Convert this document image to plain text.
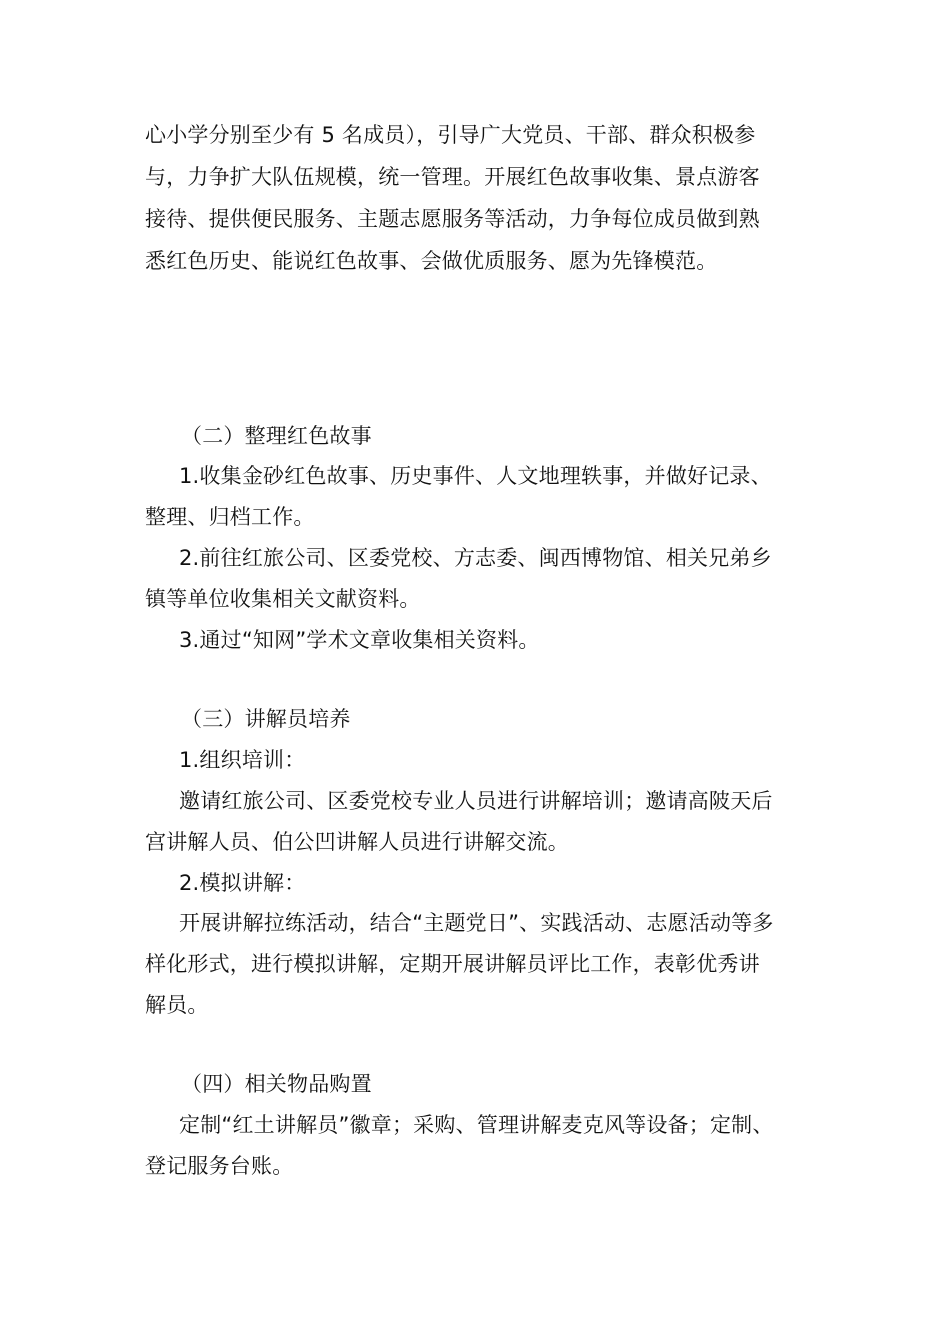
心小学分别至少有 5 名成员），引导广大党员、干部、群众积极参
与，力争扩大队伍规模，统一管理。开展红色故事收集、景点游客
接待、提供便民服务、主题志愿服务等活动，力争每位成员做到熟
悉红色历史、能说红色故事、会做优质服务、愿为先锋模范。
（二）整理红色故事
1.收集金砂红色故事、历史事件、人文地理轶事，并做好记录、
整理、归档工作。
2.前往红旅公司、区委党校、方志委、闽西博物馆、相关兄弟乡
镇等单位收集相关文献资料。
3.通过“知网”学术文章收集相关资料。
（三）讲解员培养
1.组织培训：
邀请红旅公司、区委党校专业人员进行讲解培训；邀请高陂天后
宫讲解人员、伯公凹讲解人员进行讲解交流。
2.模拟讲解：
开展讲解拉练活动，结合“主题党日”、实践活动、志愿活动等多
样化形式，进行模拟讲解，定期开展讲解员评比工作，表彰优秀讲
解员。
（四）相关物品购置
定制“红土讲解员”徽章；采购、管理讲解麦克风等设备；定制、
登记服务台账。
